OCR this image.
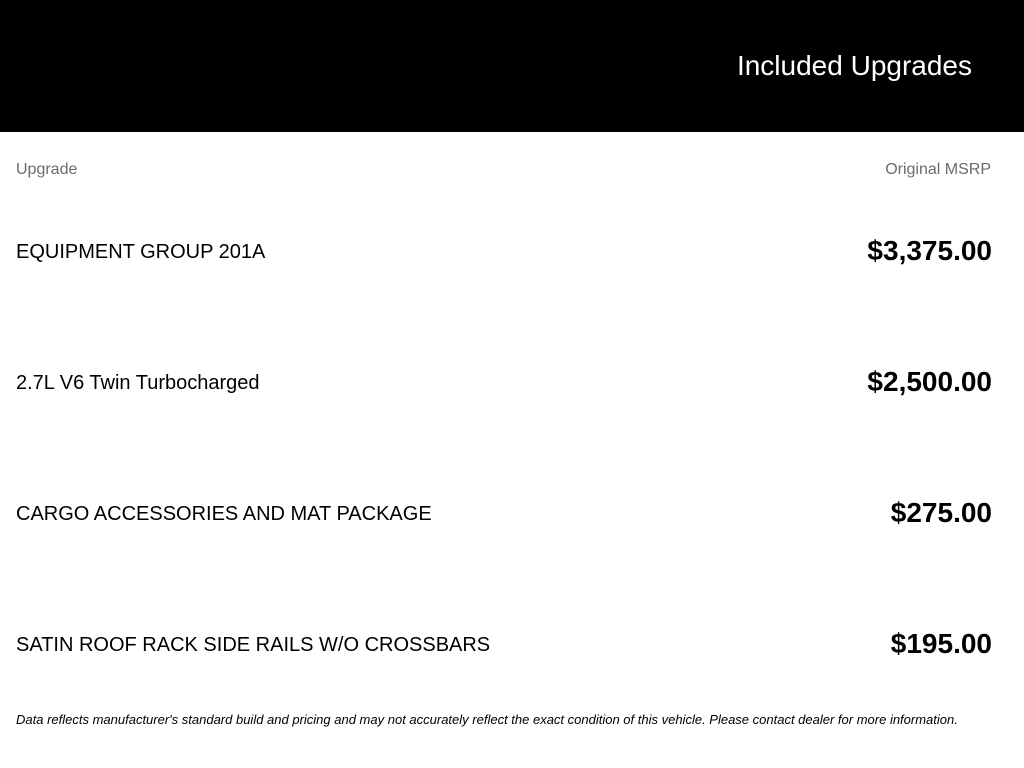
Included Upgrades
Upgrade	Original MSRP
EQUIPMENT GROUP 201A	$3,375.00
2.7L V6 Twin Turbocharged	$2,500.00
CARGO ACCESSORIES AND MAT PACKAGE	$275.00
SATIN ROOF RACK SIDE RAILS W/O CROSSBARS	$195.00

Data reflects manufacturer's standard build and pricing and may not accurately reflect the exact condition of this vehicle. Please contact dealer for more information.
